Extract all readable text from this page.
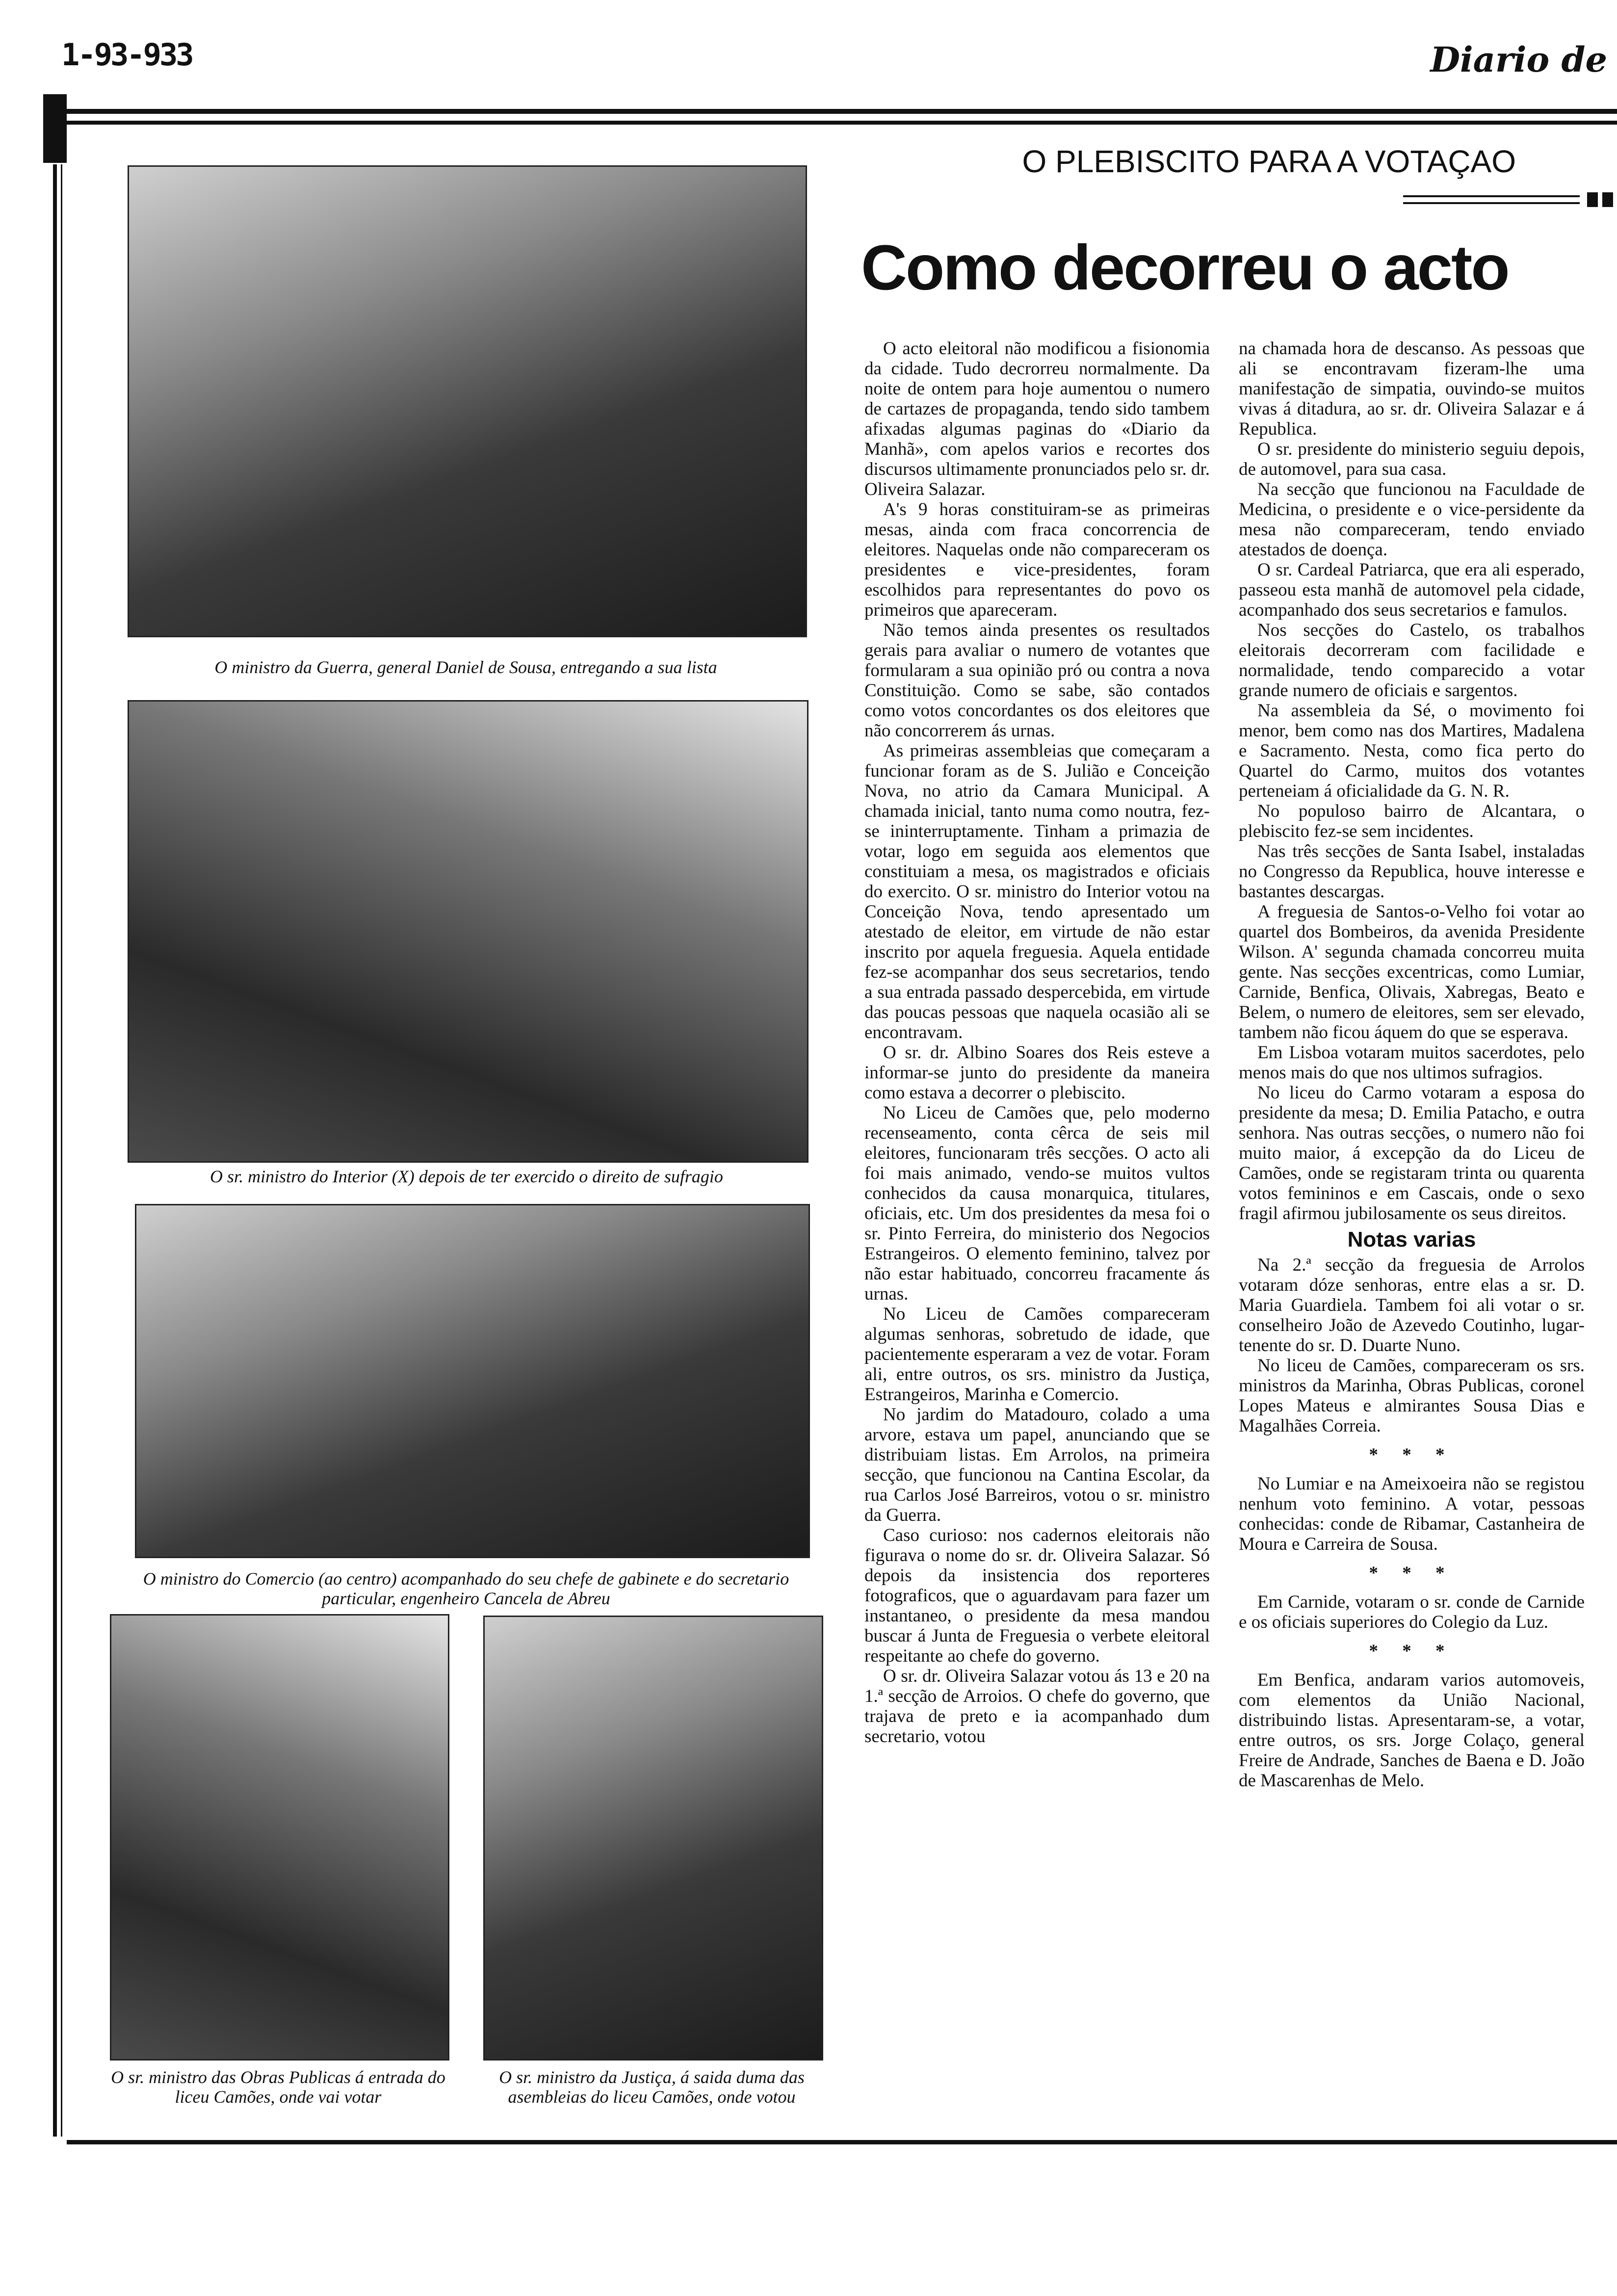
1-93-933	Diario de
O PLEBISCITO PARA A VOTAÇAO
Como decorreu o acto
O ministro da Guerra, general Daniel de Sousa, entregando a sua lista
O sr. ministro do Interior (X) depois de ter exercido o direito de sufragio
O ministro do Comercio (ao centro) acompanhado do seu chefe de gabinete e do secretario particular, engenheiro Cancela de Abreu
O sr. ministro das Obras Publicas á entrada do liceu Camões, onde vai votar
O sr. ministro da Justiça, á saida duma das asembleias do liceu Camões, onde votou

O acto eleitoral não modificou a fisionomia da cidade. Tudo decrorreu normalmente. Da noite de ontem para hoje aumentou o numero de cartazes de propaganda, tendo sido tambem afixadas algumas paginas do «Diario da Manhã», com apelos varios e recortes dos discursos ultimamente pronunciados pelo sr. dr. Oliveira Salazar.

A's 9 horas constituiram-se as primeiras mesas, ainda com fraca concorrencia de eleitores. Naquelas onde não compareceram os presidentes e vice-presidentes, foram escolhidos para representantes do povo os primeiros que apareceram.

Não temos ainda presentes os resultados gerais para avaliar o numero de votantes que formularam a sua opinião pró ou contra a nova Constituição. Como se sabe, são contados como votos concordantes os dos eleitores que não concorrerem ás urnas.

As primeiras assembleias que começaram a funcionar foram as de S. Julião e Conceição Nova, no atrio da Camara Municipal. A chamada inicial, tanto numa como noutra, fez-se ininterruptamente. Tinham a primazia de votar, logo em seguida aos elementos que constituiam a mesa, os magistrados e oficiais do exercito. O sr. ministro do Interior votou na Conceição Nova, tendo apresentado um atestado de eleitor, em virtude de não estar inscrito por aquela freguesia. Aquela entidade fez-se acompanhar dos seus secretarios, tendo a sua entrada passado despercebida, em virtude das poucas pessoas que naquela ocasião ali se encontravam.

O sr. dr. Albino Soares dos Reis esteve a informar-se junto do presidente da maneira como estava a decorrer o plebiscito.

No Liceu de Camões que, pelo moderno recenseamento, conta cêrca de seis mil eleitores, funcionaram três secções. O acto ali foi mais animado, vendo-se muitos vultos conhecidos da causa monarquica, titulares, oficiais, etc. Um dos presidentes da mesa foi o sr. Pinto Ferreira, do ministerio dos Negocios Estrangeiros. O elemento feminino, talvez por não estar habituado, concorreu fracamente ás urnas.

No Liceu de Camões compareceram algumas senhoras, sobretudo de idade, que pacientemente esperaram a vez de votar. Foram ali, entre outros, os srs. ministro da Justiça, Estrangeiros, Marinha e Comercio.

No jardim do Matadouro, colado a uma arvore, estava um papel, anunciando que se distribuiam listas. Em Arrolos, na primeira secção, que funcionou na Cantina Escolar, da rua Carlos José Barreiros, votou o sr. ministro da Guerra.

Caso curioso: nos cadernos eleitorais não figurava o nome do sr. dr. Oliveira Salazar. Só depois da insistencia dos reporteres fotograficos, que o aguardavam para fazer um instantaneo, o presidente da mesa mandou buscar á Junta de Freguesia o verbete eleitoral respeitante ao chefe do governo.

O sr. dr. Oliveira Salazar votou ás 13 e 20 na 1.ª secção de Arroios. O chefe do governo, que trajava de preto e ia acompanhado dum secretario, votou

na chamada hora de descanso. As pessoas que ali se encontravam fizeram-lhe uma manifestação de simpatia, ouvindo-se muitos vivas á ditadura, ao sr. dr. Oliveira Salazar e á Republica.

O sr. presidente do ministerio seguiu depois, de automovel, para sua casa.

Na secção que funcionou na Faculdade de Medicina, o presidente e o vice-persidente da mesa não compareceram, tendo enviado atestados de doença.

O sr. Cardeal Patriarca, que era ali esperado, passeou esta manhã de automovel pela cidade, acompanhado dos seus secretarios e famulos.

Nos secções do Castelo, os trabalhos eleitorais decorreram com facilidade e normalidade, tendo comparecido a votar grande numero de oficiais e sargentos.

Na assembleia da Sé, o movimento foi menor, bem como nas dos Martires, Madalena e Sacramento. Nesta, como fica perto do Quartel do Carmo, muitos dos votantes perteneiam á oficialidade da G. N. R.

No populoso bairro de Alcantara, o plebiscito fez-se sem incidentes.

Nas três secções de Santa Isabel, instaladas no Congresso da Republica, houve interesse e bastantes descargas.

A freguesia de Santos-o-Velho foi votar ao quartel dos Bombeiros, da avenida Presidente Wilson. A' segunda chamada concorreu muita gente. Nas secções excentricas, como Lumiar, Carnide, Benfica, Olivais, Xabregas, Beato e Belem, o numero de eleitores, sem ser elevado, tambem não ficou áquem do que se esperava.

Em Lisboa votaram muitos sacerdotes, pelo menos mais do que nos ultimos sufragios.

No liceu do Carmo votaram a esposa do presidente da mesa; D. Emilia Patacho, e outra senhora. Nas outras secções, o numero não foi muito maior, á excepção da do Liceu de Camões, onde se registaram trinta ou quarenta votos femininos e em Cascais, onde o sexo fragil afirmou jubilosamente os seus direitos.

Notas varias

Na 2.ª secção da freguesia de Arrolos votaram dóze senhoras, entre elas a sr. D. Maria Guardiela. Tambem foi ali votar o sr. conselheiro João de Azevedo Coutinho, lugar-tenente do sr. D. Duarte Nuno.

No liceu de Camões, compareceram os srs. ministros da Marinha, Obras Publicas, coronel Lopes Mateus e almirantes Sousa Dias e Magalhães Correia.

* * *

No Lumiar e na Ameixoeira não se registou nenhum voto feminino. A votar, pessoas conhecidas: conde de Ribamar, Castanheira de Moura e Carreira de Sousa.

* * *

Em Carnide, votaram o sr. conde de Carnide e os oficiais superiores do Colegio da Luz.

* * *

Em Benfica, andaram varios automoveis, com elementos da União Nacional, distribuindo listas. Apresentaram-se, a votar, entre outros, os srs. Jorge Colaço, general Freire de Andrade, Sanches de Baena e D. João de Mascarenhas de Melo.
